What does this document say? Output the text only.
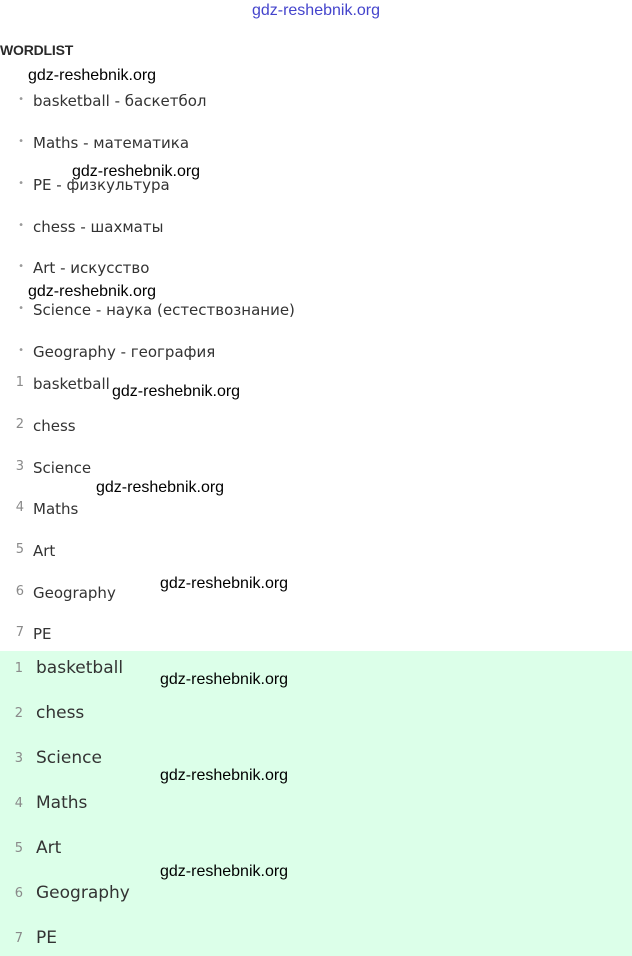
gdz-reshebnik.org
WORDLIST
• basketball - баскетбол
• Maths - математика
• PE - физкультура
• chess - шахматы
• Art - искусство
• Science - наука (естествознание)
• Geography - география
1 basketball
2 chess
3 Science
4 Maths
5 Art
6 Geography
7 PE
1 basketball
2 chess
3 Science
4 Maths
5 Art
6 Geography
7 PE
gdz-reshebnik.org
gdz-reshebnik.org
gdz-reshebnik.org
gdz-reshebnik.org
gdz-reshebnik.org
gdz-reshebnik.org
gdz-reshebnik.org
gdz-reshebnik.org
gdz-reshebnik.org
